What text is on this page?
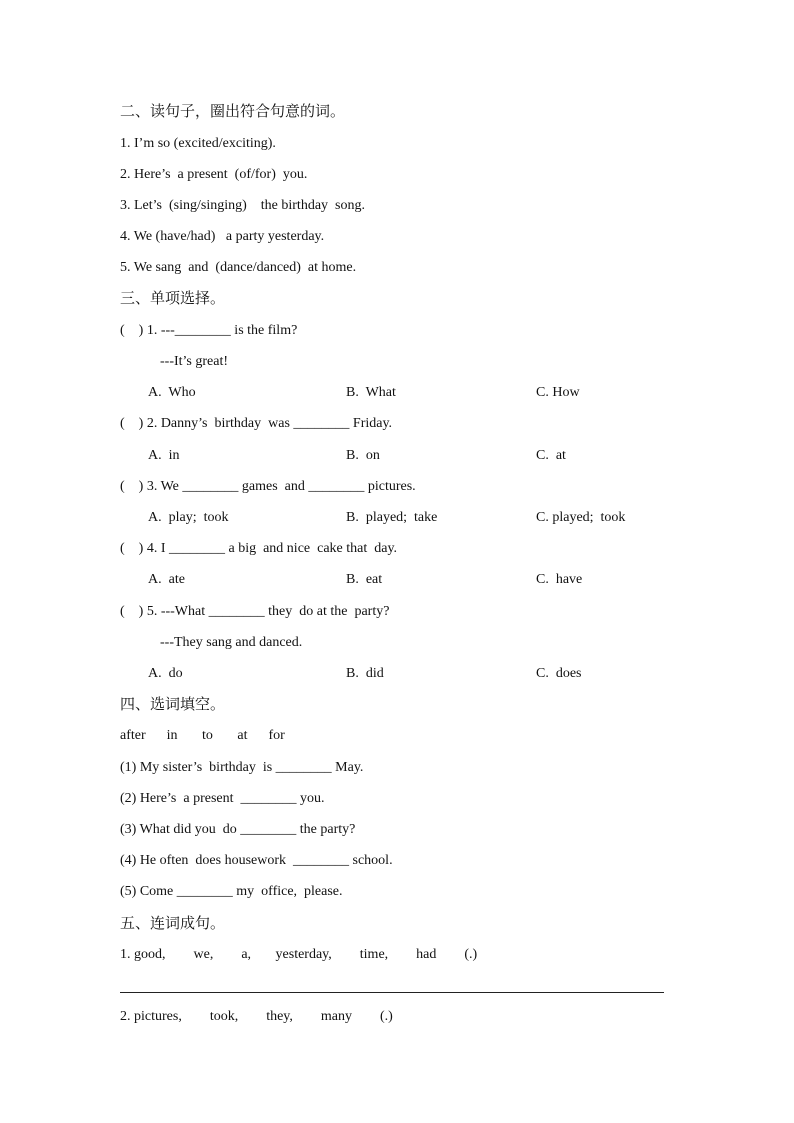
二、读句子，圈出符合句意的词。
1. I’m so (excited/exciting).
2. Here’s  a present  (of/for)  you.
3. Let’s  (sing/singing)    the birthday  song.
4. We (have/had)   a party yesterday.
5. We sang  and  (dance/danced)  at home.
三、单项选择。
(    ) 1. ---________ is the film?
---It’s great!
A.  Who	B.  What	C. How
(    ) 2. Danny’s  birthday  was ________ Friday.
A.  in	B.  on	C.  at
(    ) 3. We ________ games  and ________ pictures.
A.  play;  took	B.  played;  take	C. played;  took
(    ) 4. I ________ a big  and nice  cake that  day.
A.  ate	B.  eat	C.  have
(    ) 5. ---What ________ they  do at the  party?
---They sang and danced.
A.  do	B.  did	C.  does
四、选词填空。
after      in       to       at      for
(1) My sister’s  birthday  is ________ May.
(2) Here’s  a present  ________ you.
(3) What did you  do ________ the party?
(4) He often  does housework  ________ school.
(5) Come ________ my  office,  please.
五、连词成句。
1. good,        we,        a,       yesterday,        time,        had        (.)
2. pictures,        took,        they,        many        (.)
